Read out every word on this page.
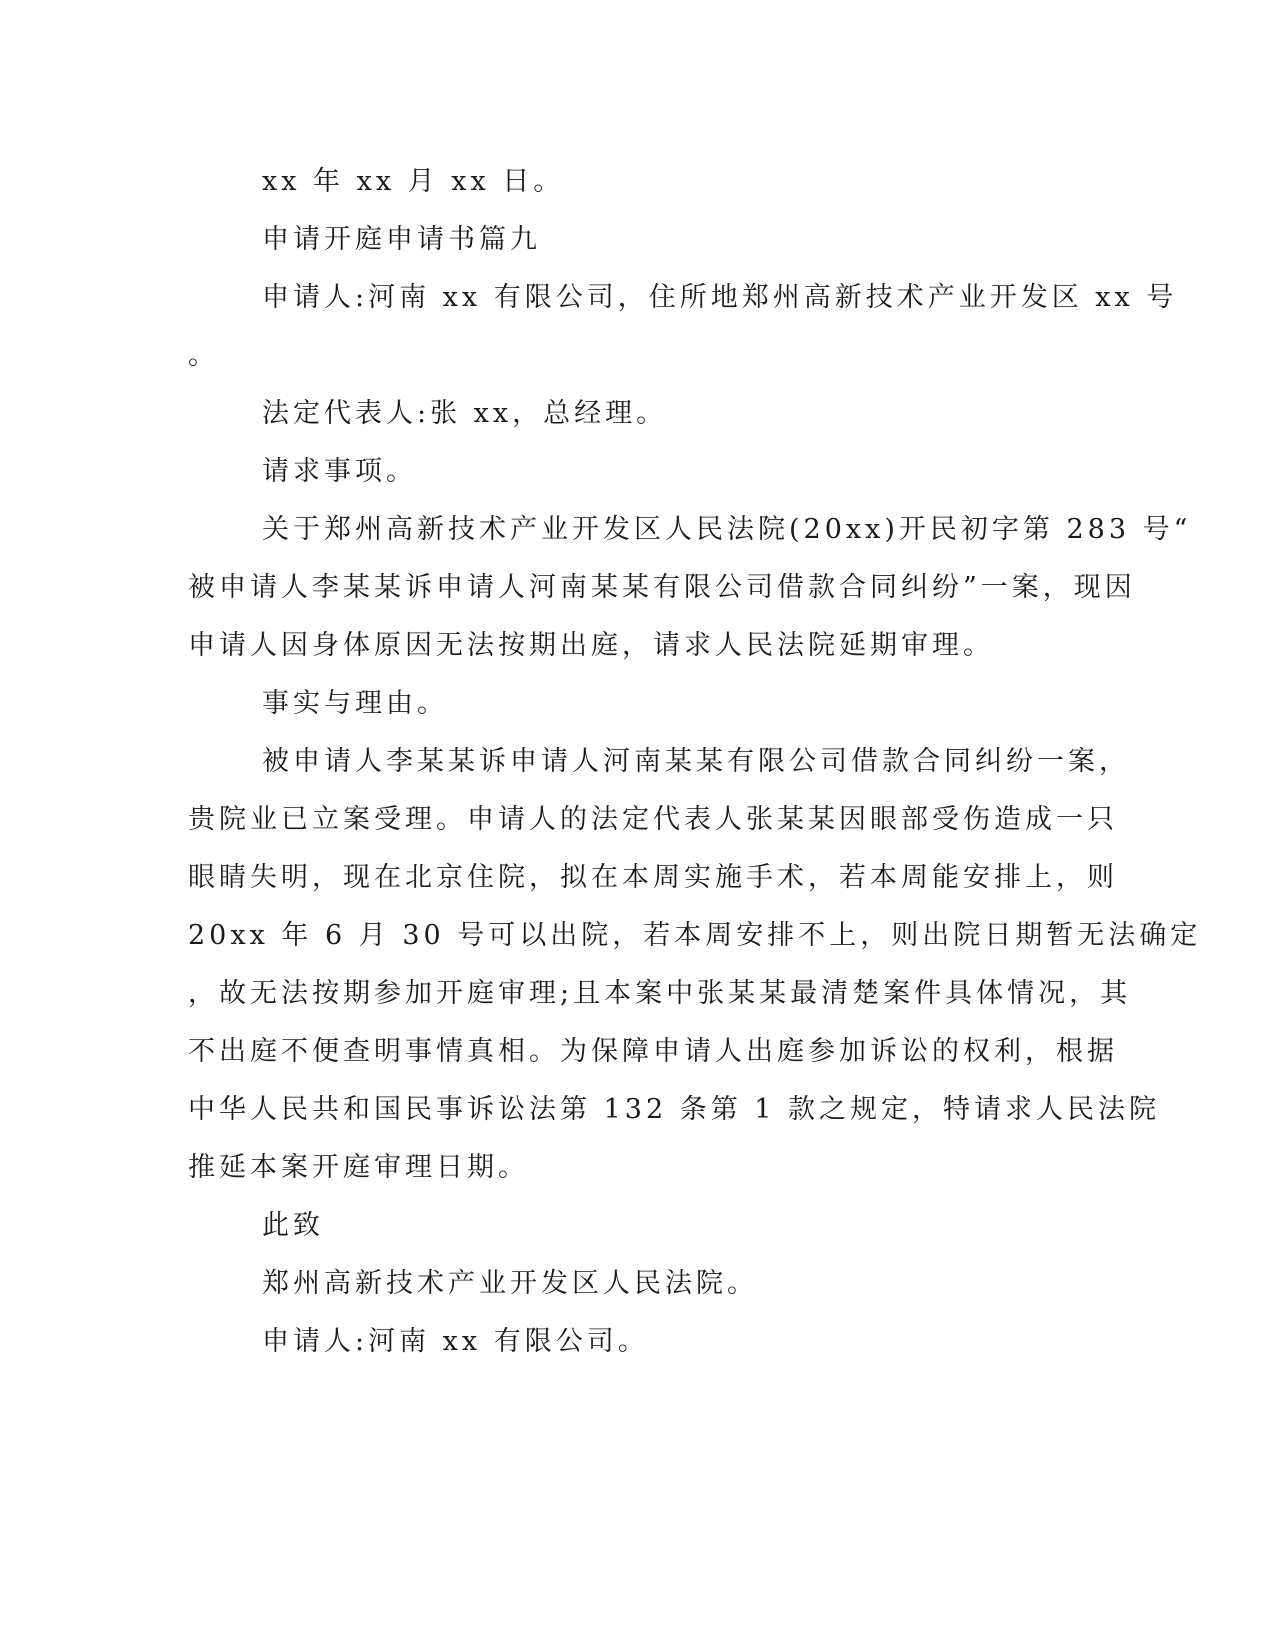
xx 年 xx 月 xx 日。

申请开庭申请书篇九

申请人:河南 xx 有限公司，住所地郑州高新技术产业开发区 xx 号

。

法定代表人:张 xx，总经理。

请求事项。

关于郑州高新技术产业开发区人民法院(20xx)开民初字第 283 号“

被申请人李某某诉申请人河南某某有限公司借款合同纠纷”一案，现因

申请人因身体原因无法按期出庭，请求人民法院延期审理。

事实与理由。

被申请人李某某诉申请人河南某某有限公司借款合同纠纷一案，

贵院业已立案受理。申请人的法定代表人张某某因眼部受伤造成一只

眼睛失明，现在北京住院，拟在本周实施手术，若本周能安排上，则

20xx 年 6 月 30 号可以出院，若本周安排不上，则出院日期暂无法确定

，故无法按期参加开庭审理;且本案中张某某最清楚案件具体情况，其

不出庭不便查明事情真相。为保障申请人出庭参加诉讼的权利，根据

中华人民共和国民事诉讼法第 132 条第 1 款之规定，特请求人民法院

推延本案开庭审理日期。

此致

郑州高新技术产业开发区人民法院。

申请人:河南 xx 有限公司。
